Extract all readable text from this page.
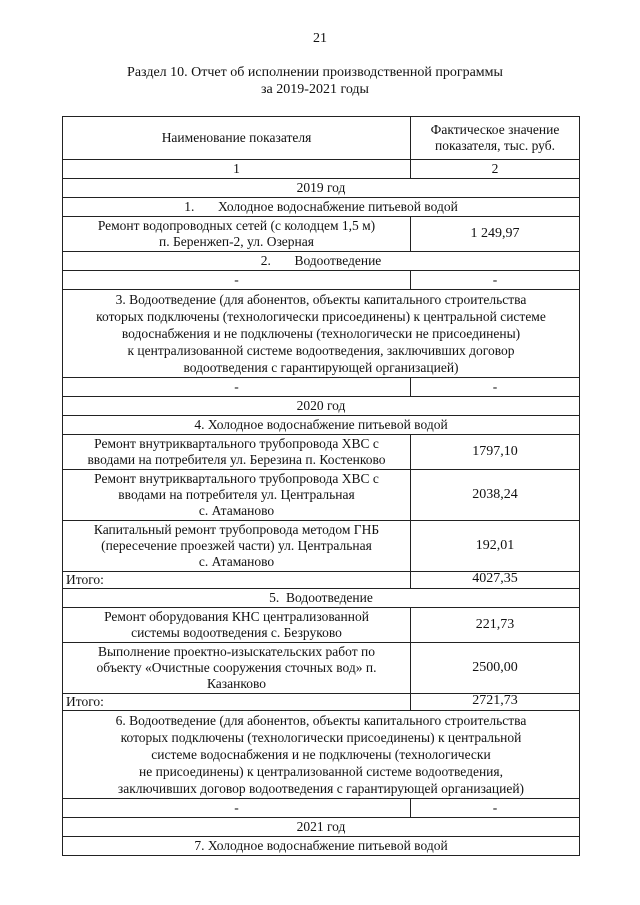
21
Раздел 10. Отчет об исполнении производственной программы
за 2019-2021 годы
Наименование показателя	Фактическое значение
показателя, тыс. руб.
1	2
2019 год	
1.       Холодное водоснабжение питьевой водой	
Ремонт водопроводных сетей (с колодцем 1,5 м)
п. Беренжеп-2, ул. Озерная	1 249,97
2.       Водоотведение	
-	-
3. Водоотведение (для абонентов, объекты капитального строительства
которых подключены (технологически присоединены) к центральной системе
водоснабжения и не подключены (технологически не присоединены)
к централизованной системе водоотведения, заключивших договор
водоотведения с гарантирующей организацией)	
-	-
2020 год	
4. Холодное водоснабжение питьевой водой	
Ремонт внутриквартального трубопровода ХВС с
вводами на потребителя ул. Березина п. Костенково	1797,10
Ремонт внутриквартального трубопровода ХВС с
вводами на потребителя ул. Центральная
с. Атаманово	2038,24
Капитальный ремонт трубопровода методом ГНБ
(пересечение проезжей части) ул. Центральная
с. Атаманово	192,01
Итого:	4027,35
5.  Водоотведение	
Ремонт оборудования КНС централизованной
системы водоотведения с. Безруково	221,73
Выполнение проектно-изыскательских работ по
объекту «Очистные сооружения сточных вод» п.
Казанково	2500,00
Итого:	2721,73
6. Водоотведение (для абонентов, объекты капитального строительства
которых подключены (технологически присоединены) к центральной
системе водоснабжения и не подключены (технологически
не присоединены) к централизованной системе водоотведения,
заключивших договор водоотведения с гарантирующей организацией)	
-	-
2021 год	
7. Холодное водоснабжение питьевой водой	
